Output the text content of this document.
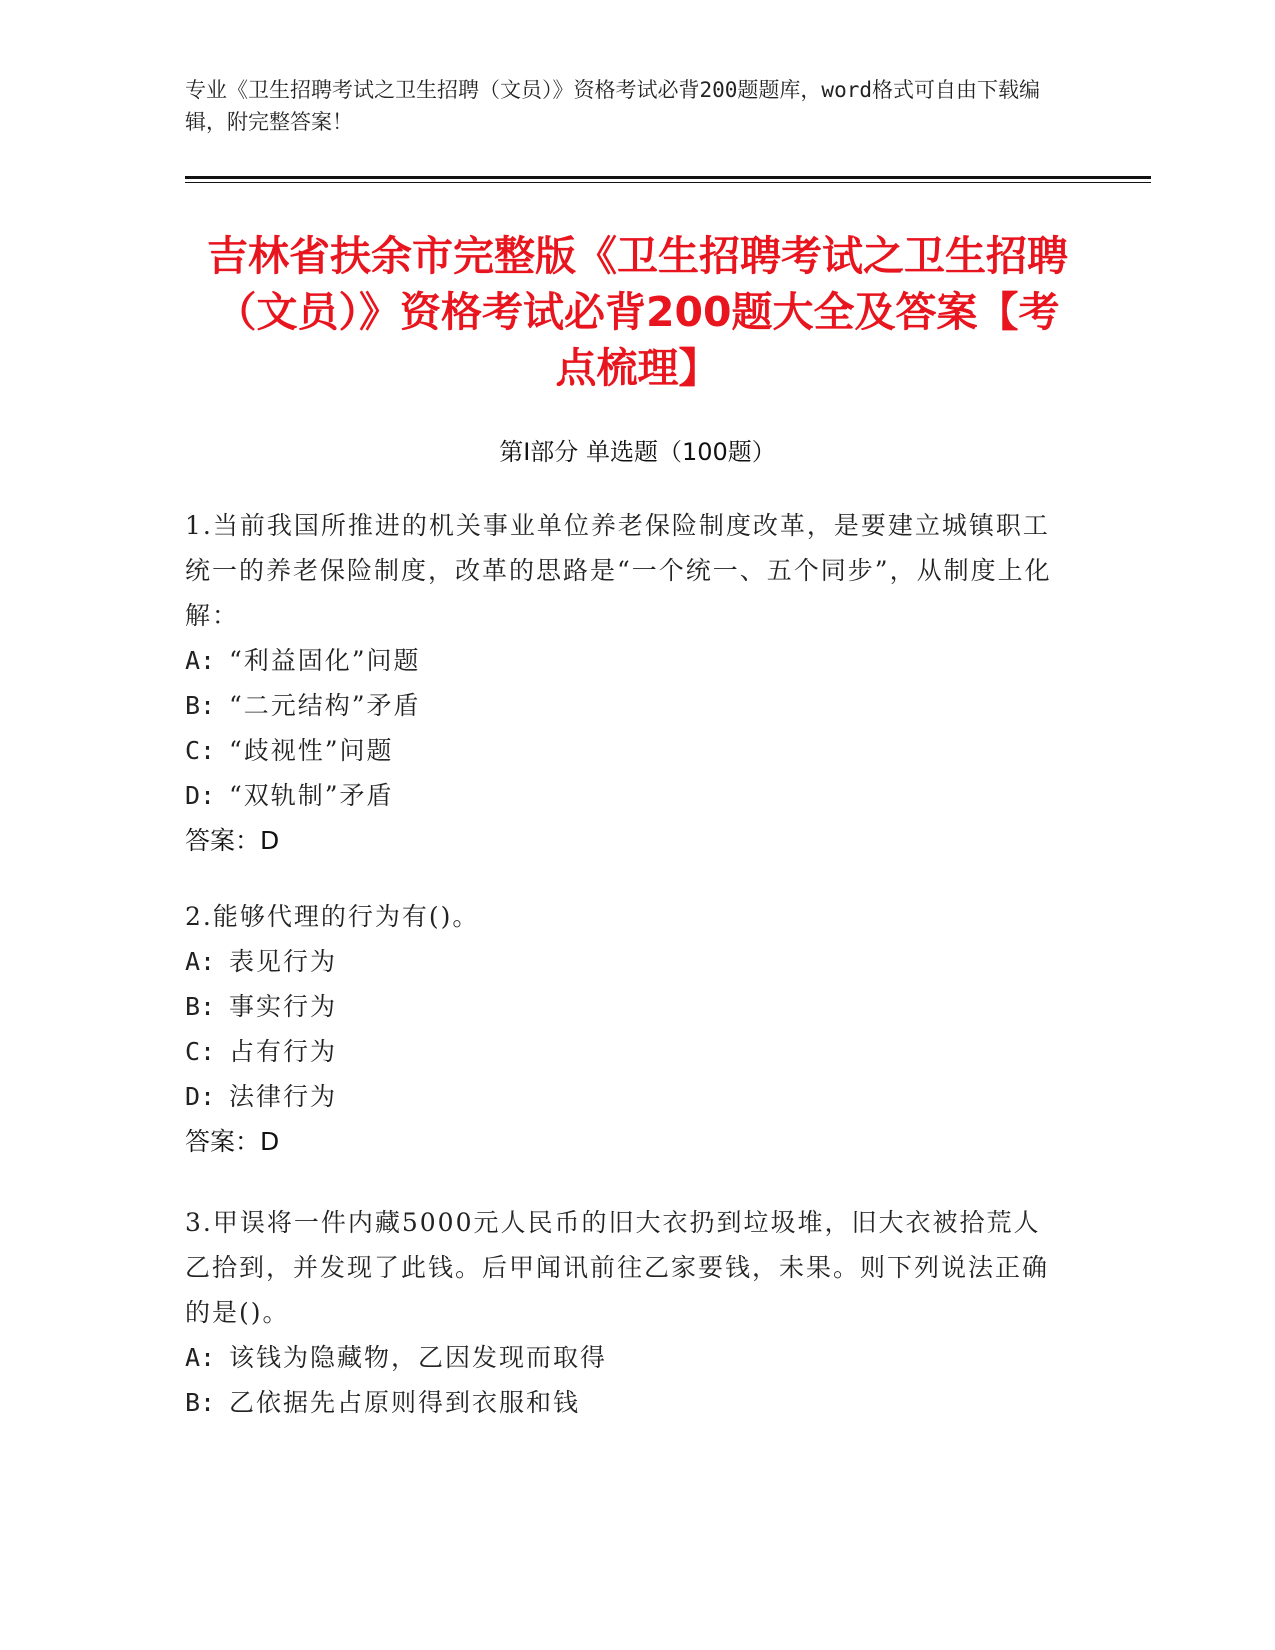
专业《卫生招聘考试之卫生招聘（文员）》资格考试必背200题题库，word格式可自由下载编辑，附完整答案！
吉林省扶余市完整版《卫生招聘考试之卫生招聘（文员）》资格考试必背200题大全及答案【考点梳理】
第Ⅰ部分 单选题（100题）
1.当前我国所推进的机关事业单位养老保险制度改革，是要建立城镇职工统一的养老保险制度，改革的思路是“一个统一、五个同步”，从制度上化解：
A: “利益固化”问题
B: “二元结构”矛盾
C: “歧视性”问题
D: “双轨制”矛盾
答案：D
2.能够代理的行为有()。
A: 表见行为
B: 事实行为
C: 占有行为
D: 法律行为
答案：D
3.甲误将一件内藏5000元人民币的旧大衣扔到垃圾堆，旧大衣被拾荒人乙拾到，并发现了此钱。后甲闻讯前往乙家要钱，未果。则下列说法正确的是()。
A: 该钱为隐藏物，乙因发现而取得
B: 乙依据先占原则得到衣服和钱
